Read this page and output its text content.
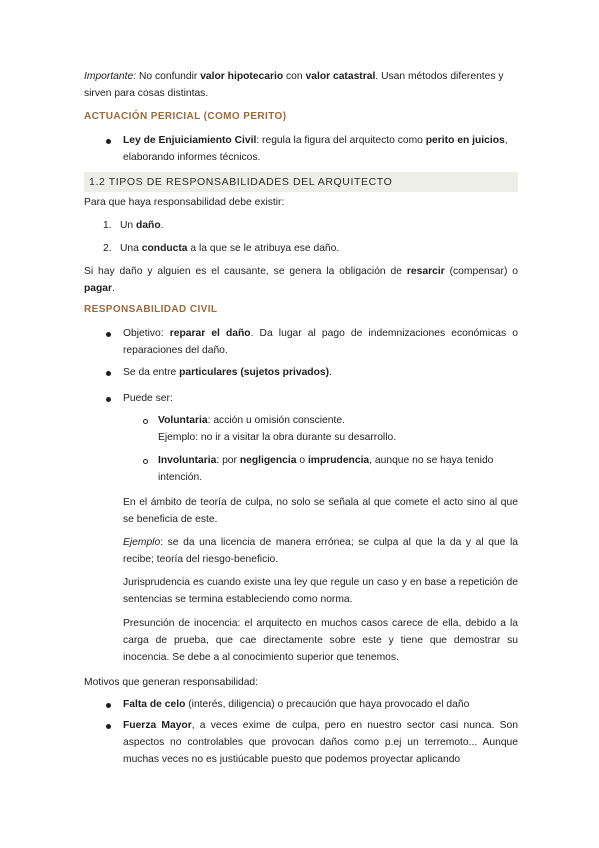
Importante: No confundir valor hipotecario con valor catastral. Usan métodos diferentes y sirven para cosas distintas.

ACTUACIÓN PERICIAL (COMO PERITO)

Ley de Enjuiciamiento Civil: regula la figura del arquitecto como perito en juicios, elaborando informes técnicos.

1.2 TIPOS DE RESPONSABILIDADES DEL ARQUITECTO

Para que haya responsabilidad debe existir:

1. Un daño.

2. Una conducta a la que se le atribuya ese daño.

Si hay daño y alguien es el causante, se genera la obligación de resarcir (compensar) o pagar.

RESPONSABILIDAD CIVIL

Objetivo: reparar el daño. Da lugar al pago de indemnizaciones económicas o reparaciones del daño.

Se da entre particulares (sujetos privados).

Puede ser:

Voluntaria: acción u omisión consciente.
Ejemplo: no ir a visitar la obra durante su desarrollo.

Involuntaria: por negligencia o imprudencia, aunque no se haya tenido intención.

En el ámbito de teoría de culpa, no solo se señala al que comete el acto sino al que se beneficia de este.

Ejemplo: se da una licencia de manera errónea; se culpa al que la da y al que la recibe; teoría del riesgo-beneficio.

Jurisprudencia es cuando existe una ley que regule un caso y en base a repetición de sentencias se termina estableciendo como norma.

Presunción de inocencia: el arquitecto en muchos casos carece de ella, debido a la carga de prueba, que cae directamente sobre este y tiene que demostrar su inocencia. Se debe a al conocimiento superior que tenemos.

Motivos que generan responsabilidad:

Falta de celo (interés, diligencia) o precaución que haya provocado el daño

Fuerza Mayor, a veces exime de culpa, pero en nuestro sector casi nunca. Son aspectos no controlables que provocan daños como p.ej un terremoto... Aunque muchas veces no es justiúcable puesto que podemos proyectar aplicando
